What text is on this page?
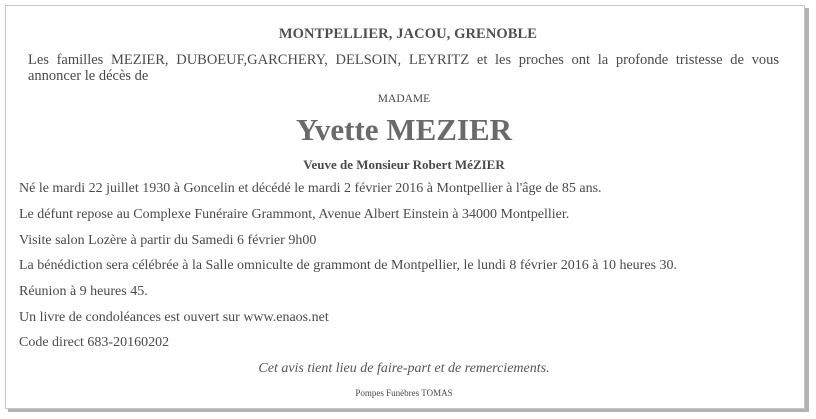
MONTPELLIER, JACOU, GRENOBLE
Les familles MEZIER, DUBOEUF,GARCHERY, DELSOIN, LEYRITZ et les proches ont la profonde tristesse de vous annoncer le décès de
MADAME
Yvette MEZIER
Veuve de Monsieur Robert MéZIER
Né le mardi 22 juillet 1930 à Goncelin et décédé le mardi 2 février 2016 à Montpellier à l'âge de 85 ans.
Le défunt repose au Complexe Funéraire Grammont, Avenue Albert Einstein à 34000 Montpellier.
Visite salon Lozère à partir du Samedi 6 février 9h00
La bénédiction sera célébrée à la Salle omniculte de grammont de Montpellier, le lundi 8 février 2016 à 10 heures 30.
Réunion à 9 heures 45.
Un livre de condoléances est ouvert sur www.enaos.net
Code direct 683-20160202
Cet avis tient lieu de faire-part et de remerciements.
Pompes Funèbres TOMAS
